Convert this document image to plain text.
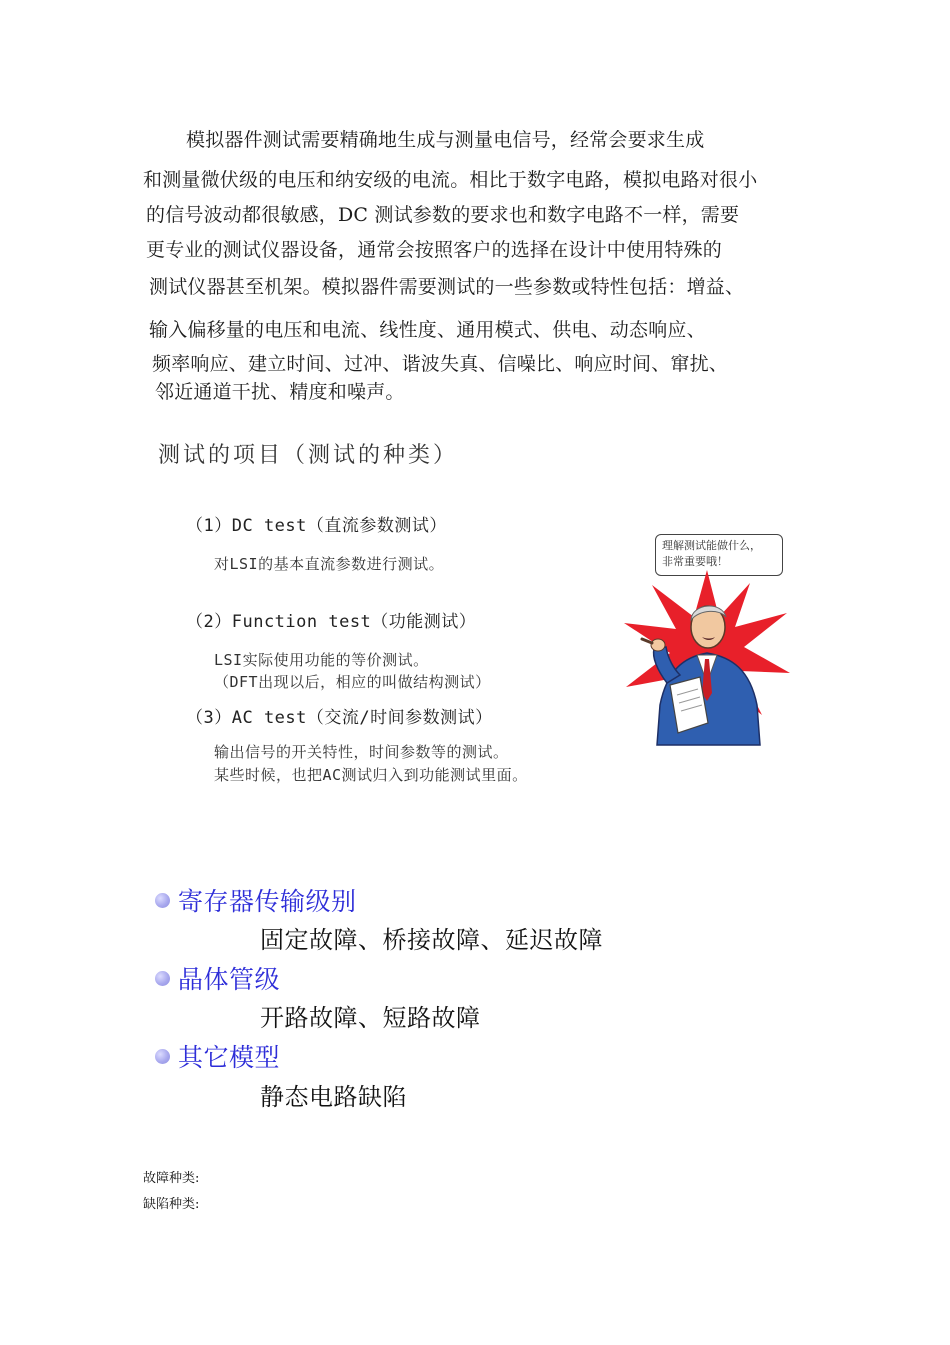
模拟器件测试需要精确地生成与测量电信号，经常会要求生成
和测量微伏级的电压和纳安级的电流。相比于数字电路，模拟电路对很小
的信号波动都很敏感，DC 测试参数的要求也和数字电路不一样，需要
更专业的测试仪器设备，通常会按照客户的选择在设计中使用特殊的
测试仪器甚至机架。模拟器件需要测试的一些参数或特性包括：增益、
输入偏移量的电压和电流、线性度、通用模式、供电、动态响应、
频率响应、建立时间、过冲、谐波失真、信噪比、响应时间、窜扰、
邻近通道干扰、精度和噪声。
测试的项目（测试的种类）
（1）DC test（直流参数测试）
对LSI的基本直流参数进行测试。
（2）Function test（功能测试）
LSI实际使用功能的等价测试。
（DFT出现以后，相应的叫做结构测试）
（3）AC test（交流/时间参数测试）
输出信号的开关特性，时间参数等的测试。
某些时候，也把AC测试归入到功能测试里面。
理解测试能做什么，
非常重要哦！
寄存器传输级别
固定故障、桥接故障、延迟故障
晶体管级
开路故障、短路故障
其它模型
静态电路缺陷
故障种类:
缺陷种类:
